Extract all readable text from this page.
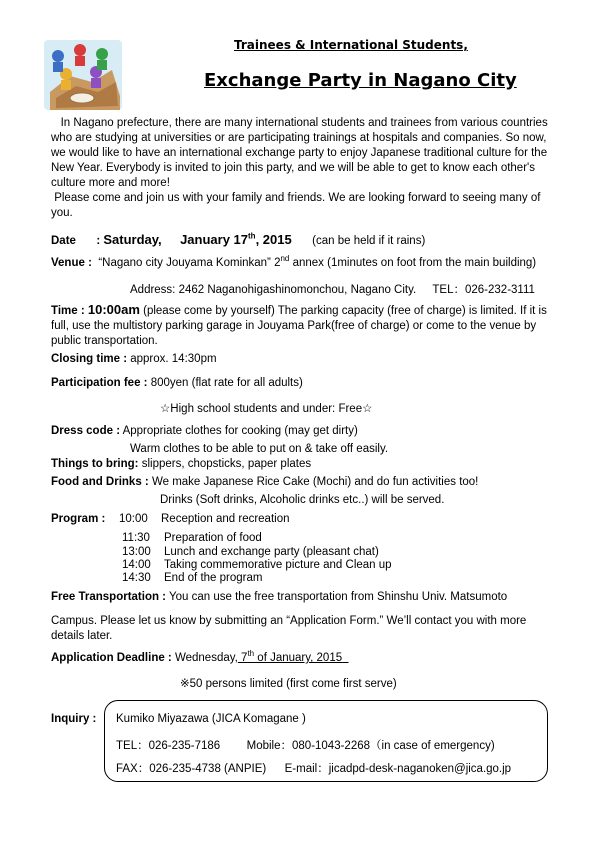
Trainees & International Students,
Exchange Party in Nagano City

In Nagano prefecture, there are many international students and trainees from various countries who are studying at universities or are participating trainings at hospitals and companies. So now, we would like to have an international exchange party to enjoy Japanese traditional culture for the New Year. Everybody is invited to join this party, and we will be able to get to know each other's culture more and more!

Please come and join us with your family and friends. We are looking forward to seeing many of you.

Date : Saturday, January 17th, 2015 (can be held if it rains)
Venue : “Nagano city Jouyama Kominkan” 2nd annex (1minutes on foot from the main building)
Address: 2462 Naganohigashinomonchou, Nagano City. TEL：026-232-3111
Time : 10:00am (please come by yourself) The parking capacity (free of charge) is limited. If it is full, use the multistory parking garage in Jouyama Park(free of charge) or come to the venue by public transportation.
Closing time : approx. 14:30pm
Participation fee : 800yen (flat rate for all adults)
☆High school students and under: Free☆
Dress code : Appropriate clothes for cooking (may get dirty)
Warm clothes to be able to put on & take off easily.
Things to bring: slippers, chopsticks, paper plates
Food and Drinks : We make Japanese Rice Cake (Mochi) and do fun activities too!
Drinks (Soft drinks, Alcoholic drinks etc..) will be served.
Program : 10:00 Reception and recreation
11:30 Preparation of food
13:00 Lunch and exchange party (pleasant chat)
14:00 Taking commemorative picture and Clean up
14:30 End of the program
Free Transportation : You can use the free transportation from Shinshu Univ. Matsumoto
Campus. Please let us know by submitting an “Application Form.” We’ll contact you with more details later.
Application Deadline : Wednesday, 7th of January, 2015
※50 persons limited (first come first serve)
Inquiry : Kumiko Miyazawa (JICA Komagane )
TEL：026-235-7186 Mobile：080-1043-2268（in case of emergency)
FAX：026-235-4738 (ANPIE) E-mail：jicadpd-desk-naganoken@jica.go.jp
